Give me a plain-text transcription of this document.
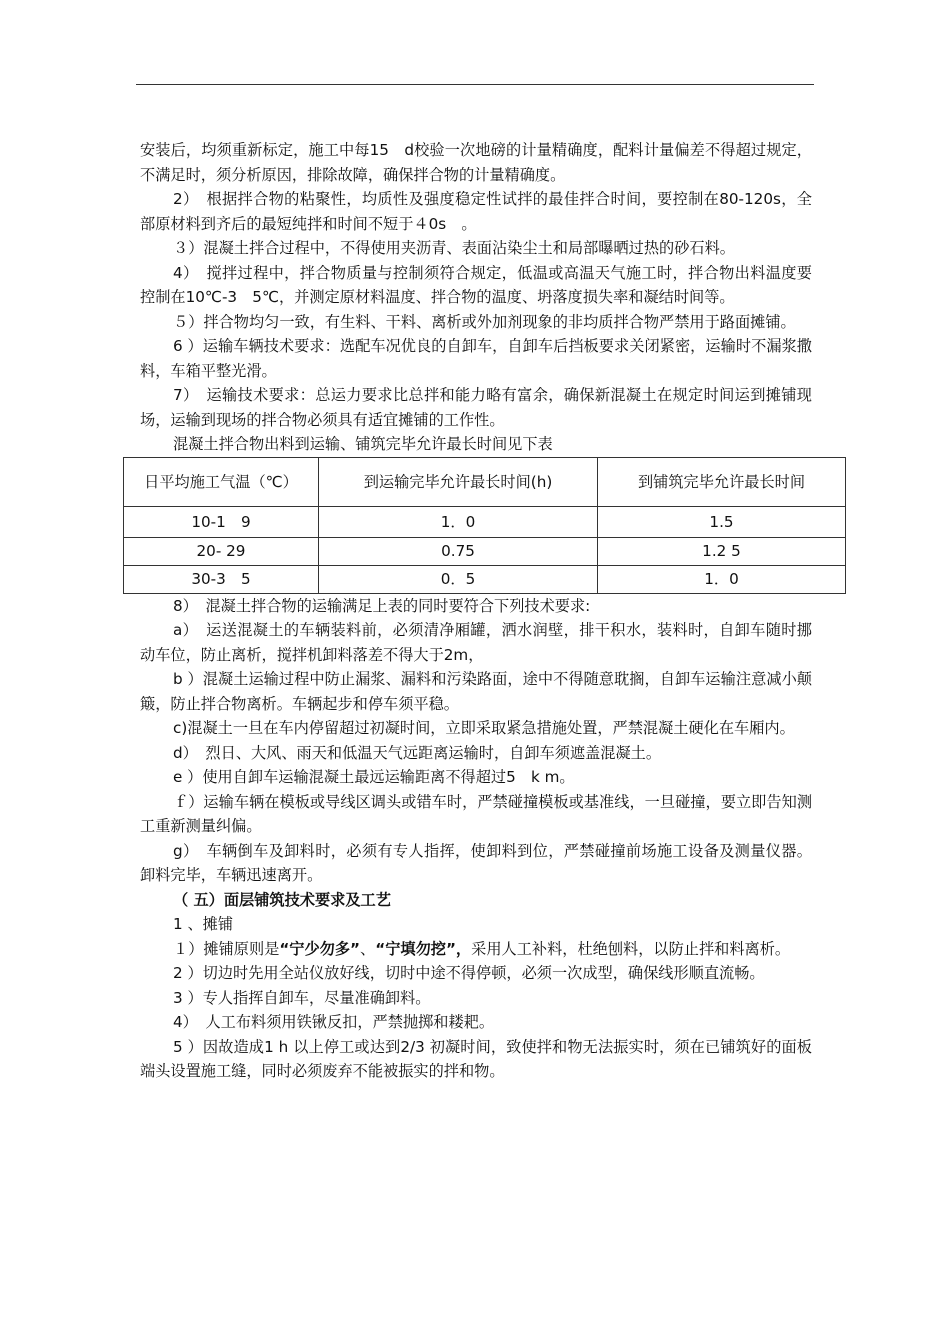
安装后，均须重新标定，施工中每15　d校验一次地磅的计量精确度，配料计量偏差不得超过规定，不满足时，须分析原因，排除故障，确保拌合物的计量精确度。

2）　根据拌合物的粘聚性，均质性及强度稳定性试拌的最佳拌合时间，要控制在80-120s，全部原材料到齐后的最短纯拌和时间不短于４0s　。

３）混凝土拌合过程中，不得使用夹沥青、表面沾染尘土和局部曝晒过热的砂石料。

4）　搅拌过程中，拌合物质量与控制须符合规定，低温或高温天气施工时，拌合物出料温度要控制在10℃-3　5℃，并测定原材料温度、拌合物的温度、坍落度损失率和凝结时间等。

５）拌合物均匀一致，有生料、干料、离析或外加剂现象的非均质拌合物严禁用于路面摊铺。

6 ）运输车辆技术要求：选配车况优良的自卸车，自卸车后挡板要求关闭紧密，运输时不漏浆撒料，车箱平整光滑。

7）　运输技术要求：总运力要求比总拌和能力略有富余，确保新混凝土在规定时间运到摊铺现场，运输到现场的拌合物必须具有适宜摊铺的工作性。

混凝土拌合物出料到运输、铺筑完毕允许最长时间见下表

日平均施工气温（℃）	到运输完毕允许最长时间(h)	到铺筑完毕允许最长时间
10-1　9	1．0	1.5
20- 29	0.75	1.2 5
30-3　5	0．5	1．0

8）　混凝土拌合物的运输满足上表的同时要符合下列技术要求:

a）　运送混凝土的车辆装料前，必须清净厢罐，洒水润壁，排干积水，装料时，自卸车随时挪动车位，防止离析，搅拌机卸料落差不得大于2m，

b ）混凝土运输过程中防止漏浆、漏料和污染路面，途中不得随意耽搁，自卸车运输注意减小颠簸，防止拌合物离析。车辆起步和停车须平稳。

c)混凝土一旦在车内停留超过初凝时间，立即采取紧急措施处置，严禁混凝土硬化在车厢内。

d）　烈日、大风、雨天和低温天气远距离运输时，自卸车须遮盖混凝土。

e ）使用自卸车运输混凝土最远运输距离不得超过5　k m。

ｆ）运输车辆在模板或导线区调头或错车时，严禁碰撞模板或基准线，一旦碰撞，要立即告知测工重新测量纠偏。

g）　车辆倒车及卸料时，必须有专人指挥，使卸料到位，严禁碰撞前场施工设备及测量仪器。卸料完毕，车辆迅速离开。

（ 五）面层铺筑技术要求及工艺

1 、摊铺

１）摊铺原则是“宁少勿多”、“宁填勿挖”，采用人工补料，杜绝刨料，以防止拌和料离析。

2 ）切边时先用全站仪放好线，切时中途不得停顿，必须一次成型，确保线形顺直流畅。

3 ）专人指挥自卸车，尽量准确卸料。

4）　人工布料须用铁锹反扣，严禁抛掷和耧耙。

5 ）因故造成1 h 以上停工或达到2/3 初凝时间，致使拌和物无法振实时，须在已铺筑好的面板端头设置施工缝，同时必须废弃不能被振实的拌和物。
